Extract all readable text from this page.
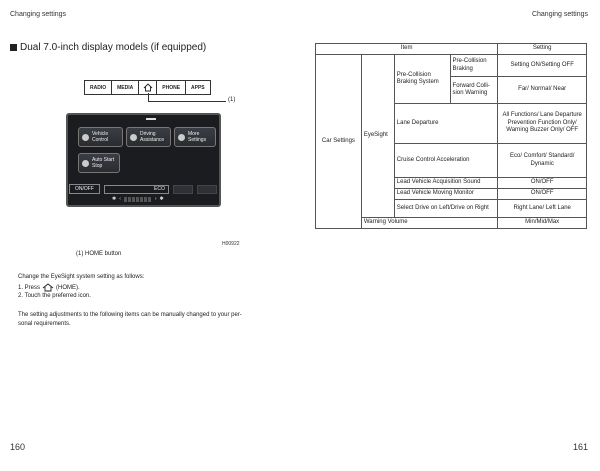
Changing settings	Changing settings
Dual 7.0-inch display models (if equipped)
RADIO	MEDIA	PHONE	APPS
(1)
Vehicle Control
Driving Assistance
More Settings
Auto Start Stop
ON/OFF	ECO
✱ ‹	› ✱
H00922
(1) HOME button
Change the EyeSight system setting as follows:
1. Press	(HOME).
2. Touch the preferred icon.
The setting adjustments to the following items can be manually changed to your per-
sonal requirements.
Item				Setting
Car Settings	EyeSight	Pre-Collision Braking System	Pre-Collision Braking	Setting ON/Setting OFF
			Forward Colli-sion Warning	Far/ Normal/ Near
		Lane Departure		All Functions/ Lane Departure Prevention Function Only/ Warning Buzzer Only/ OFF
		Cruise Control Acceleration		Eco/ Comfort/ Standard/ Dynamic
		Lead Vehicle Acquisition Sound		ON/OFF
		Lead Vehicle Moving Monitor		ON/OFF
		Select Drive on Left/Drive on Right		Right Lane/ Left Lane
	Warning Volume			Min/Mid/Max
160	161
